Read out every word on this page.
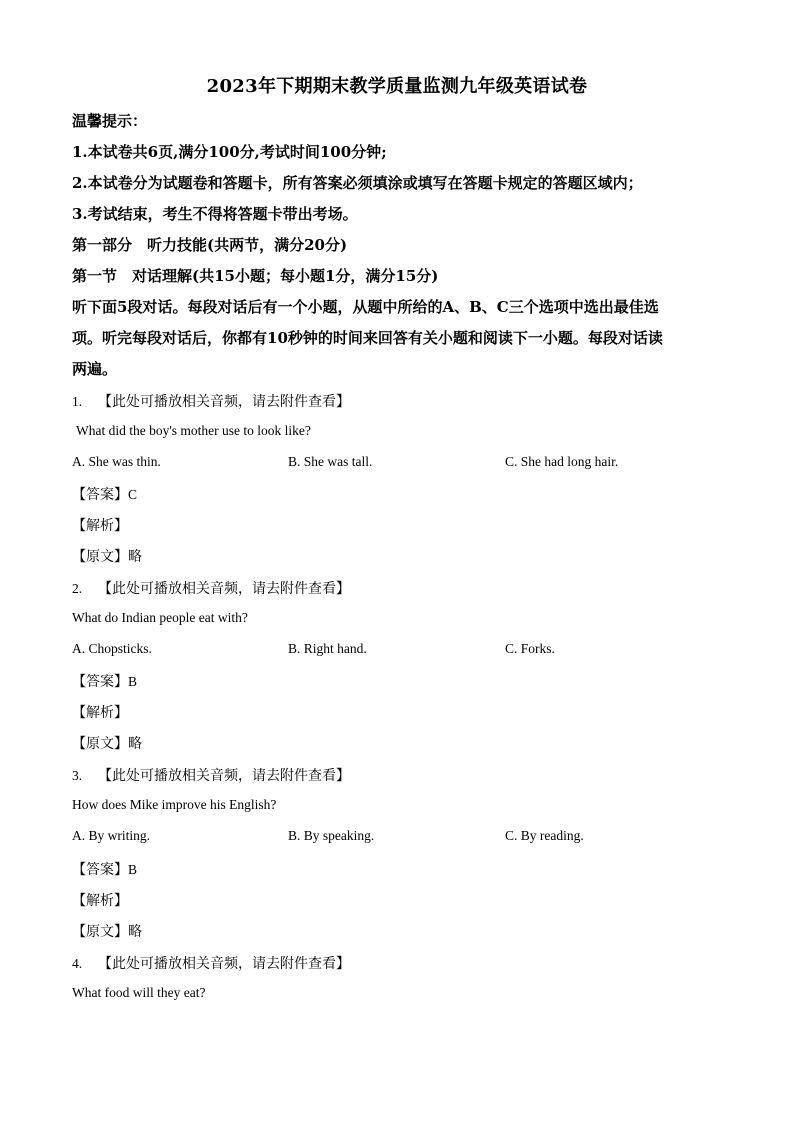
2023年下期期末教学质量监测九年级英语试卷
温馨提示：
1.本试卷共6页,满分100分,考试时间100分钟;
2.本试卷分为试题卷和答题卡，所有答案必须填涂或填写在答题卡规定的答题区域内；
3.考试结束，考生不得将答题卡带出考场。
第一部分　听力技能(共两节，满分20分)
第一节　对话理解(共15小题；每小题1分，满分15分)
听下面5段对话。每段对话后有一个小题，从题中所给的A、B、C三个选项中选出最佳选
项。听完每段对话后，你都有10秒钟的时间来回答有关小题和阅读下一小题。每段对话读
两遍。
1. 【此处可播放相关音频，请去附件查看】
What did the boy's mother use to look like?
A. She was thin.	B. She was tall.	C. She had long hair.
【答案】C
【解析】
【原文】略
2. 【此处可播放相关音频，请去附件查看】
What do Indian people eat with?
A. Chopsticks.	B. Right hand.	C. Forks.
【答案】B
【解析】
【原文】略
3. 【此处可播放相关音频，请去附件查看】
How does Mike improve his English?
A. By writing.	B. By speaking.	C. By reading.
【答案】B
【解析】
【原文】略
4. 【此处可播放相关音频，请去附件查看】
What food will they eat?
